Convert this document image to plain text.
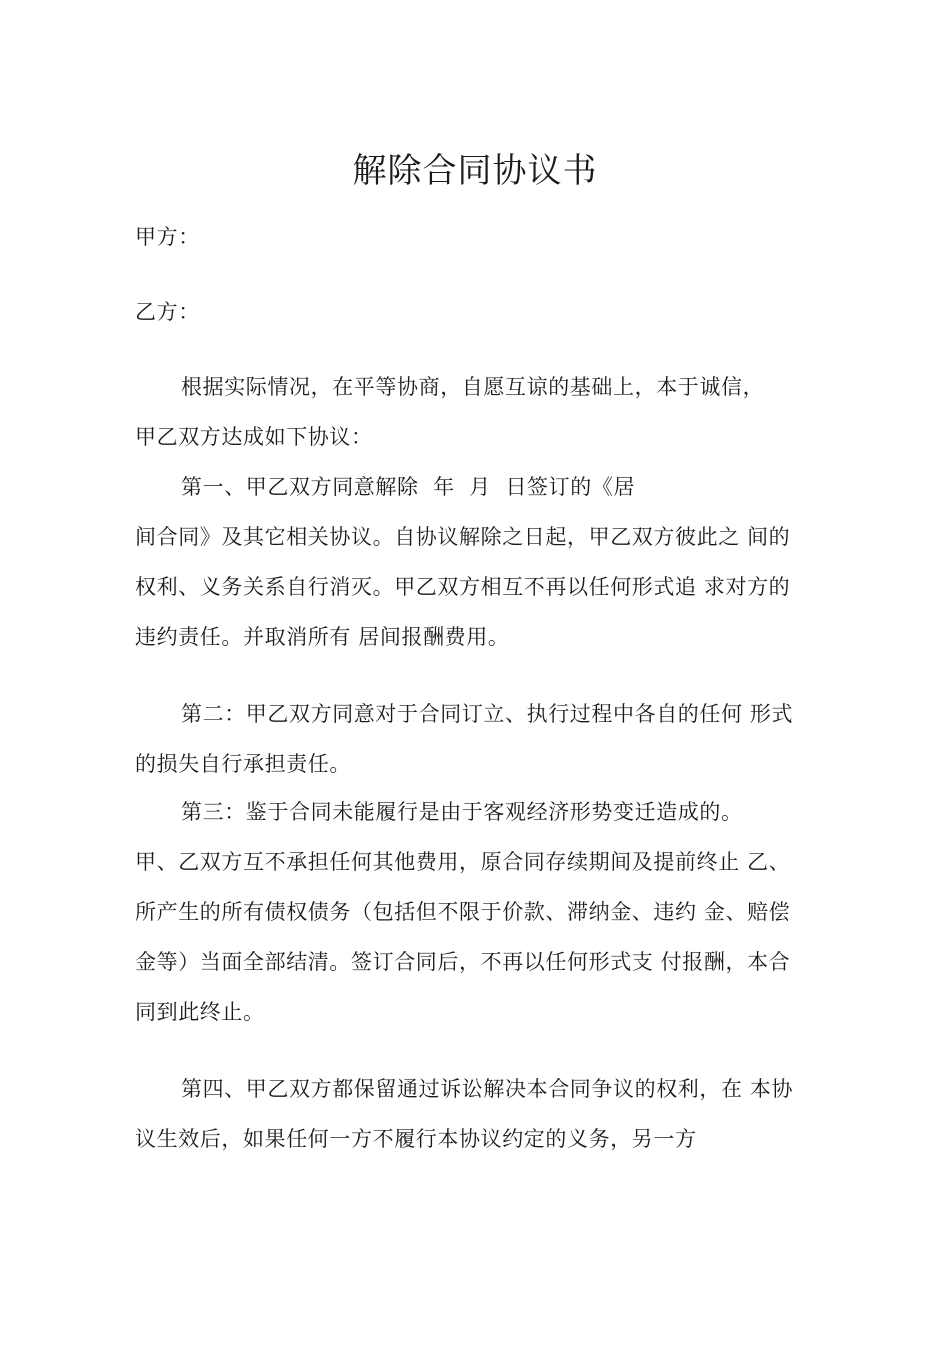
解除合同协议书
甲方：
乙方：
根据实际情况，在平等协商，自愿互谅的基础上，本于诚信，
甲乙双方达成如下协议：
第一、甲乙双方同意解除  年  月  日签订的《居
间合同》及其它相关协议。自协议解除之日起，甲乙双方彼此之 间的
权利、义务关系自行消灭。甲乙双方相互不再以任何形式追 求对方的
违约责任。并取消所有 居间报酬费用。
第二：甲乙双方同意对于合同订立、执行过程中各自的任何 形式
的损失自行承担责任。
第三：鉴于合同未能履行是由于客观经济形势变迁造成的。
甲、乙双方互不承担任何其他费用，原合同存续期间及提前终止 乙、
所产生的所有债权债务（包括但不限于价款、滞纳金、违约 金、赔偿
金等）当面全部结清。签订合同后，不再以任何形式支 付报酬，本合
同到此终止。
第四、甲乙双方都保留通过诉讼解决本合同争议的权利，在 本协
议生效后，如果任何一方不履行本协议约定的义务，另一方
